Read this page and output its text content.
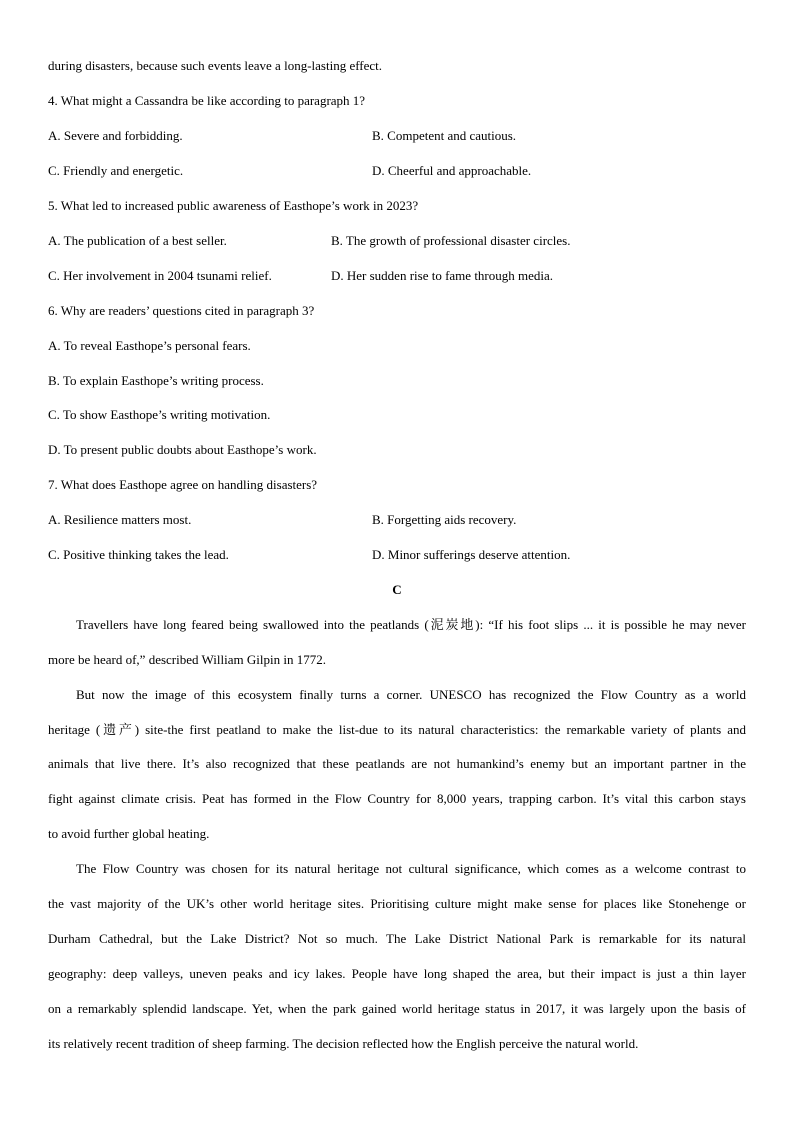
during disasters, because such events leave a long-lasting effect.
4. What might a Cassandra be like according to paragraph 1?
A. Severe and forbidding.	B. Competent and cautious.
C. Friendly and energetic.	D. Cheerful and approachable.
5. What led to increased public awareness of Easthope’s work in 2023?
A. The publication of a best seller.	B. The growth of professional disaster circles.
C. Her involvement in 2004 tsunami relief.	D. Her sudden rise to fame through media.
6. Why are readers’ questions cited in paragraph 3?
A. To reveal Easthope’s personal fears.
B. To explain Easthope’s writing process.
C. To show Easthope’s writing motivation.
D. To present public doubts about Easthope’s work.
7. What does Easthope agree on handling disasters?
A. Resilience matters most.	B. Forgetting aids recovery.
C. Positive thinking takes the lead.	D. Minor sufferings deserve attention.
C
Travellers have long feared being swallowed into the peatlands (泥炭地): “If his foot slips ... it is possible he may never
more be heard of,” described William Gilpin in 1772.
But now the image of this ecosystem finally turns a corner. UNESCO has recognized the Flow Country as a world
heritage (遗产) site-the first peatland to make the list-due to its natural characteristics: the remarkable variety of plants and
animals that live there. It’s also recognized that these peatlands are not humankind’s enemy but an important partner in the
fight against climate crisis. Peat has formed in the Flow Country for 8,000 years, trapping carbon. It’s vital this carbon stays
to avoid further global heating.
The Flow Country was chosen for its natural heritage not cultural significance, which comes as a welcome contrast to
the vast majority of the UK’s other world heritage sites. Prioritising culture might make sense for places like Stonehenge or
Durham Cathedral, but the Lake District? Not so much. The Lake District National Park is remarkable for its natural
geography: deep valleys, uneven peaks and icy lakes. People have long shaped the area, but their impact is just a thin layer
on a remarkably splendid landscape. Yet, when the park gained world heritage status in 2017, it was largely upon the basis of
its relatively recent tradition of sheep farming. The decision reflected how the English perceive the natural world.
